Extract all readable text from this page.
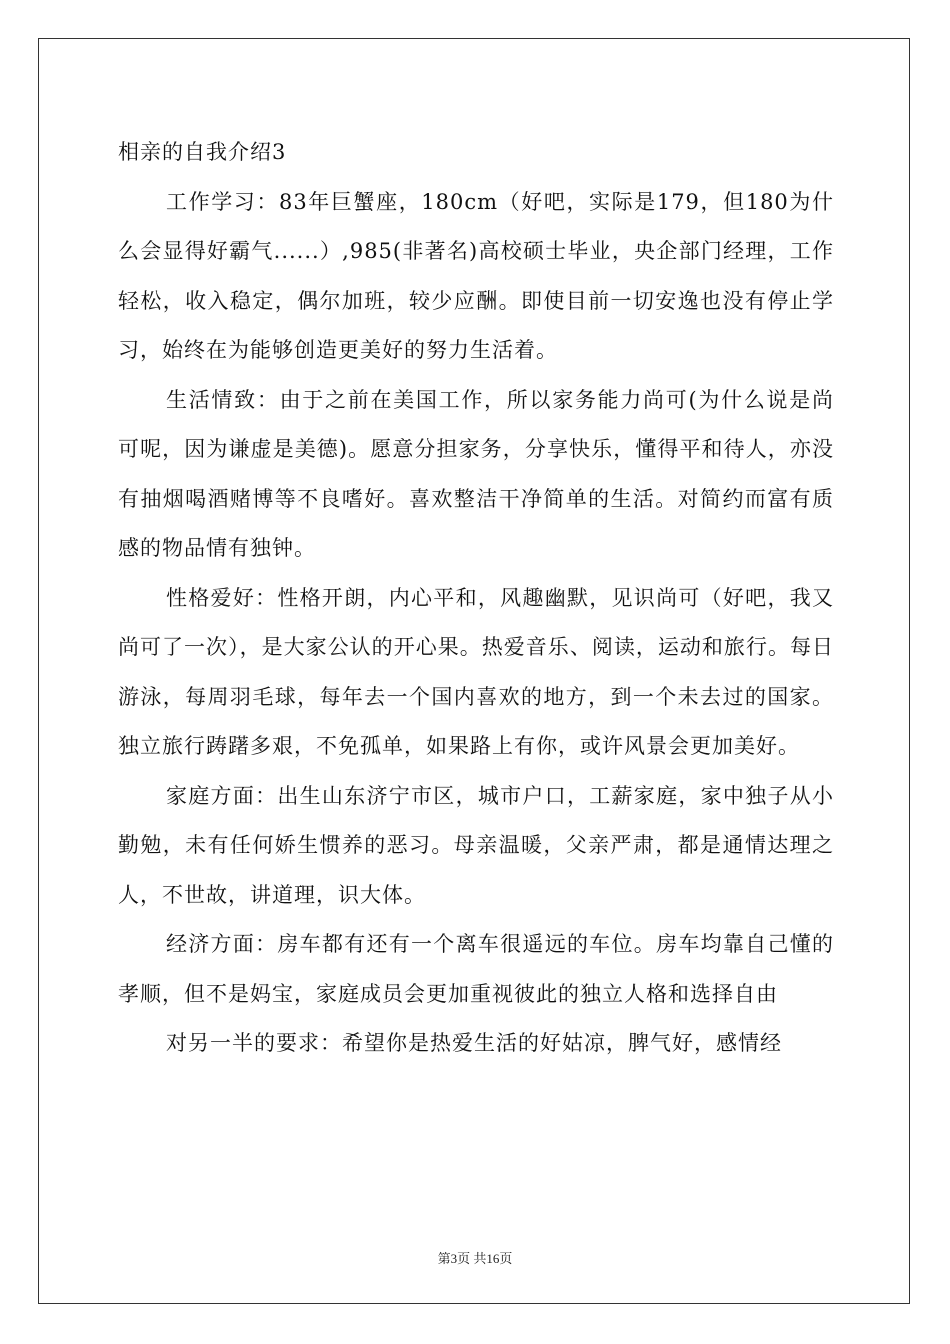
相亲的自我介绍3

工作学习：83年巨蟹座，180cm（好吧，实际是179，但180为什么会显得好霸气......）,985(非著名)高校硕士毕业，央企部门经理，工作轻松，收入稳定，偶尔加班，较少应酬。即使目前一切安逸也没有停止学习，始终在为能够创造更美好的努力生活着。

生活情致：由于之前在美国工作，所以家务能力尚可(为什么说是尚可呢，因为谦虚是美德)。愿意分担家务，分享快乐，懂得平和待人，亦没有抽烟喝酒赌博等不良嗜好。喜欢整洁干净简单的生活。对简约而富有质感的物品情有独钟。

性格爱好：性格开朗，内心平和，风趣幽默，见识尚可（好吧，我又尚可了一次），是大家公认的开心果。热爱音乐、阅读，运动和旅行。每日游泳，每周羽毛球，每年去一个国内喜欢的地方，到一个未去过的国家。独立旅行踌躇多艰，不免孤单，如果路上有你，或许风景会更加美好。

家庭方面：出生山东济宁市区，城市户口，工薪家庭，家中独子从小勤勉，未有任何娇生惯养的恶习。母亲温暖，父亲严肃，都是通情达理之人，不世故，讲道理，识大体。

经济方面：房车都有还有一个离车很遥远的车位。房车均靠自己懂的孝顺，但不是妈宝，家庭成员会更加重视彼此的独立人格和选择自由

对另一半的要求：希望你是热爱生活的好姑凉，脾气好，感情经

第3页 共16页
